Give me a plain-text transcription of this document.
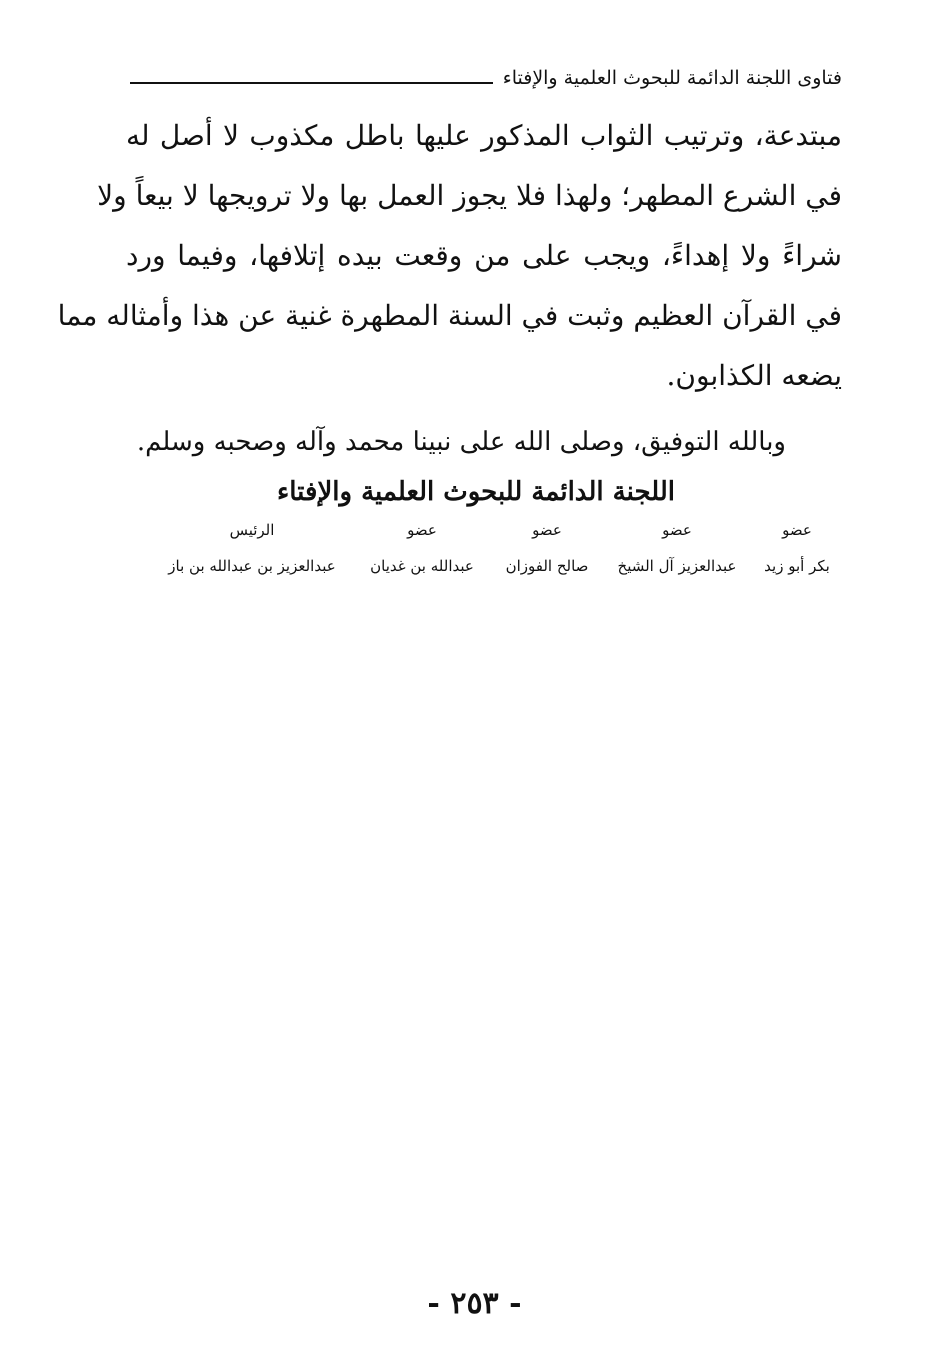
فتاوى اللجنة الدائمة للبحوث العلمية والإفتاء
مبتدعة، وترتيب الثواب المذكور عليها باطل مكذوب لا أصل له
في الشرع المطهر؛ ولهذا فلا يجوز العمل بها ولا ترويجها لا بيعاً ولا
شراءً ولا إهداءً، ويجب على من وقعت بيده إتلافها، وفيما ورد
في القرآن العظيم وثبت في السنة المطهرة غنية عن هذا وأمثاله مما
يضعه الكذابون.
وبالله التوفيق، وصلى الله على نبينا محمد وآله وصحبه وسلم.
اللجنة الدائمة للبحوث العلمية والإفتاء
عضو
بكر أبو زيد
عضو
عبدالعزيز آل الشيخ
عضو
صالح الفوزان
عضو
عبدالله بن غديان
الرئيس
عبدالعزيز بن عبدالله بن باز
- ٢٥٣ -
